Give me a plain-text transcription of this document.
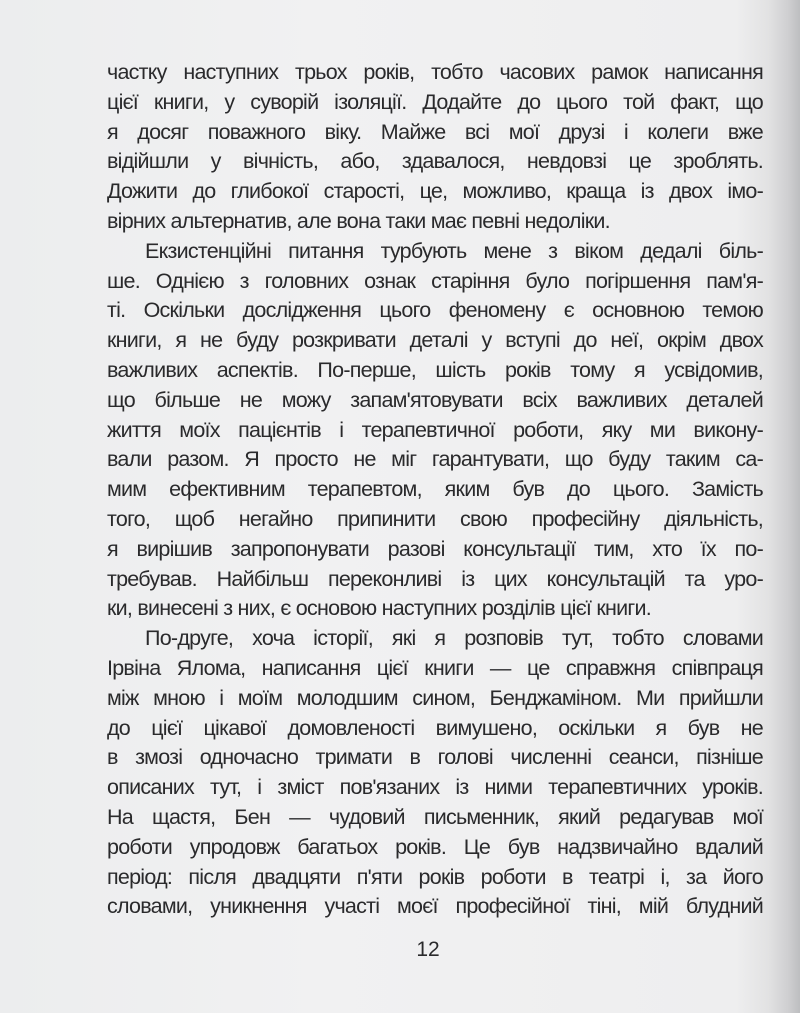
частку наступних трьох років, тобто часових рамок написання
цієї книги, у суворій ізоляції. Додайте до цього той факт, що
я досяг поважного віку. Майже всі мої друзі і колеги вже
відійшли у вічність, або, здавалося, невдовзі це зроблять.
Дожити до глибокої старості, це, можливо, краща із двох імо-
вірних альтернатив, але вона таки має певні недоліки.
Екзистенційні питання турбують мене з віком дедалі біль-
ше. Однією з головних ознак старіння було погіршення пам'я-
ті. Оскільки дослідження цього феномену є основною темою
книги, я не буду розкривати деталі у вступі до неї, окрім двох
важливих аспектів. По-перше, шість років тому я усвідомив,
що більше не можу запам'ятовувати всіх важливих деталей
життя моїх пацієнтів і терапевтичної роботи, яку ми викону-
вали разом. Я просто не міг гарантувати, що буду таким са-
мим ефективним терапевтом, яким був до цього. Замість
того, щоб негайно припинити свою професійну діяльність,
я вирішив запропонувати разові консультації тим, хто їх по-
требував. Найбільш переконливі із цих консультацій та уро-
ки, винесені з них, є основою наступних розділів цієї книги.
По-друге, хоча історії, які я розповів тут, тобто словами
Ірвіна Ялома, написання цієї книги — це справжня співпраця
між мною і моїм молодшим сином, Бенджаміном. Ми прийшли
до цієї цікавої домовленості вимушено, оскільки я був не
в змозі одночасно тримати в голові численні сеанси, пізніше
описаних тут, і зміст пов'язаних із ними терапевтичних уроків.
На щастя, Бен — чудовий письменник, який редагував мої
роботи упродовж багатьох років. Це був надзвичайно вдалий
період: після двадцяти п'яти років роботи в театрі і, за його
словами, уникнення участі моєї професійної тіні, мій блудний
12
